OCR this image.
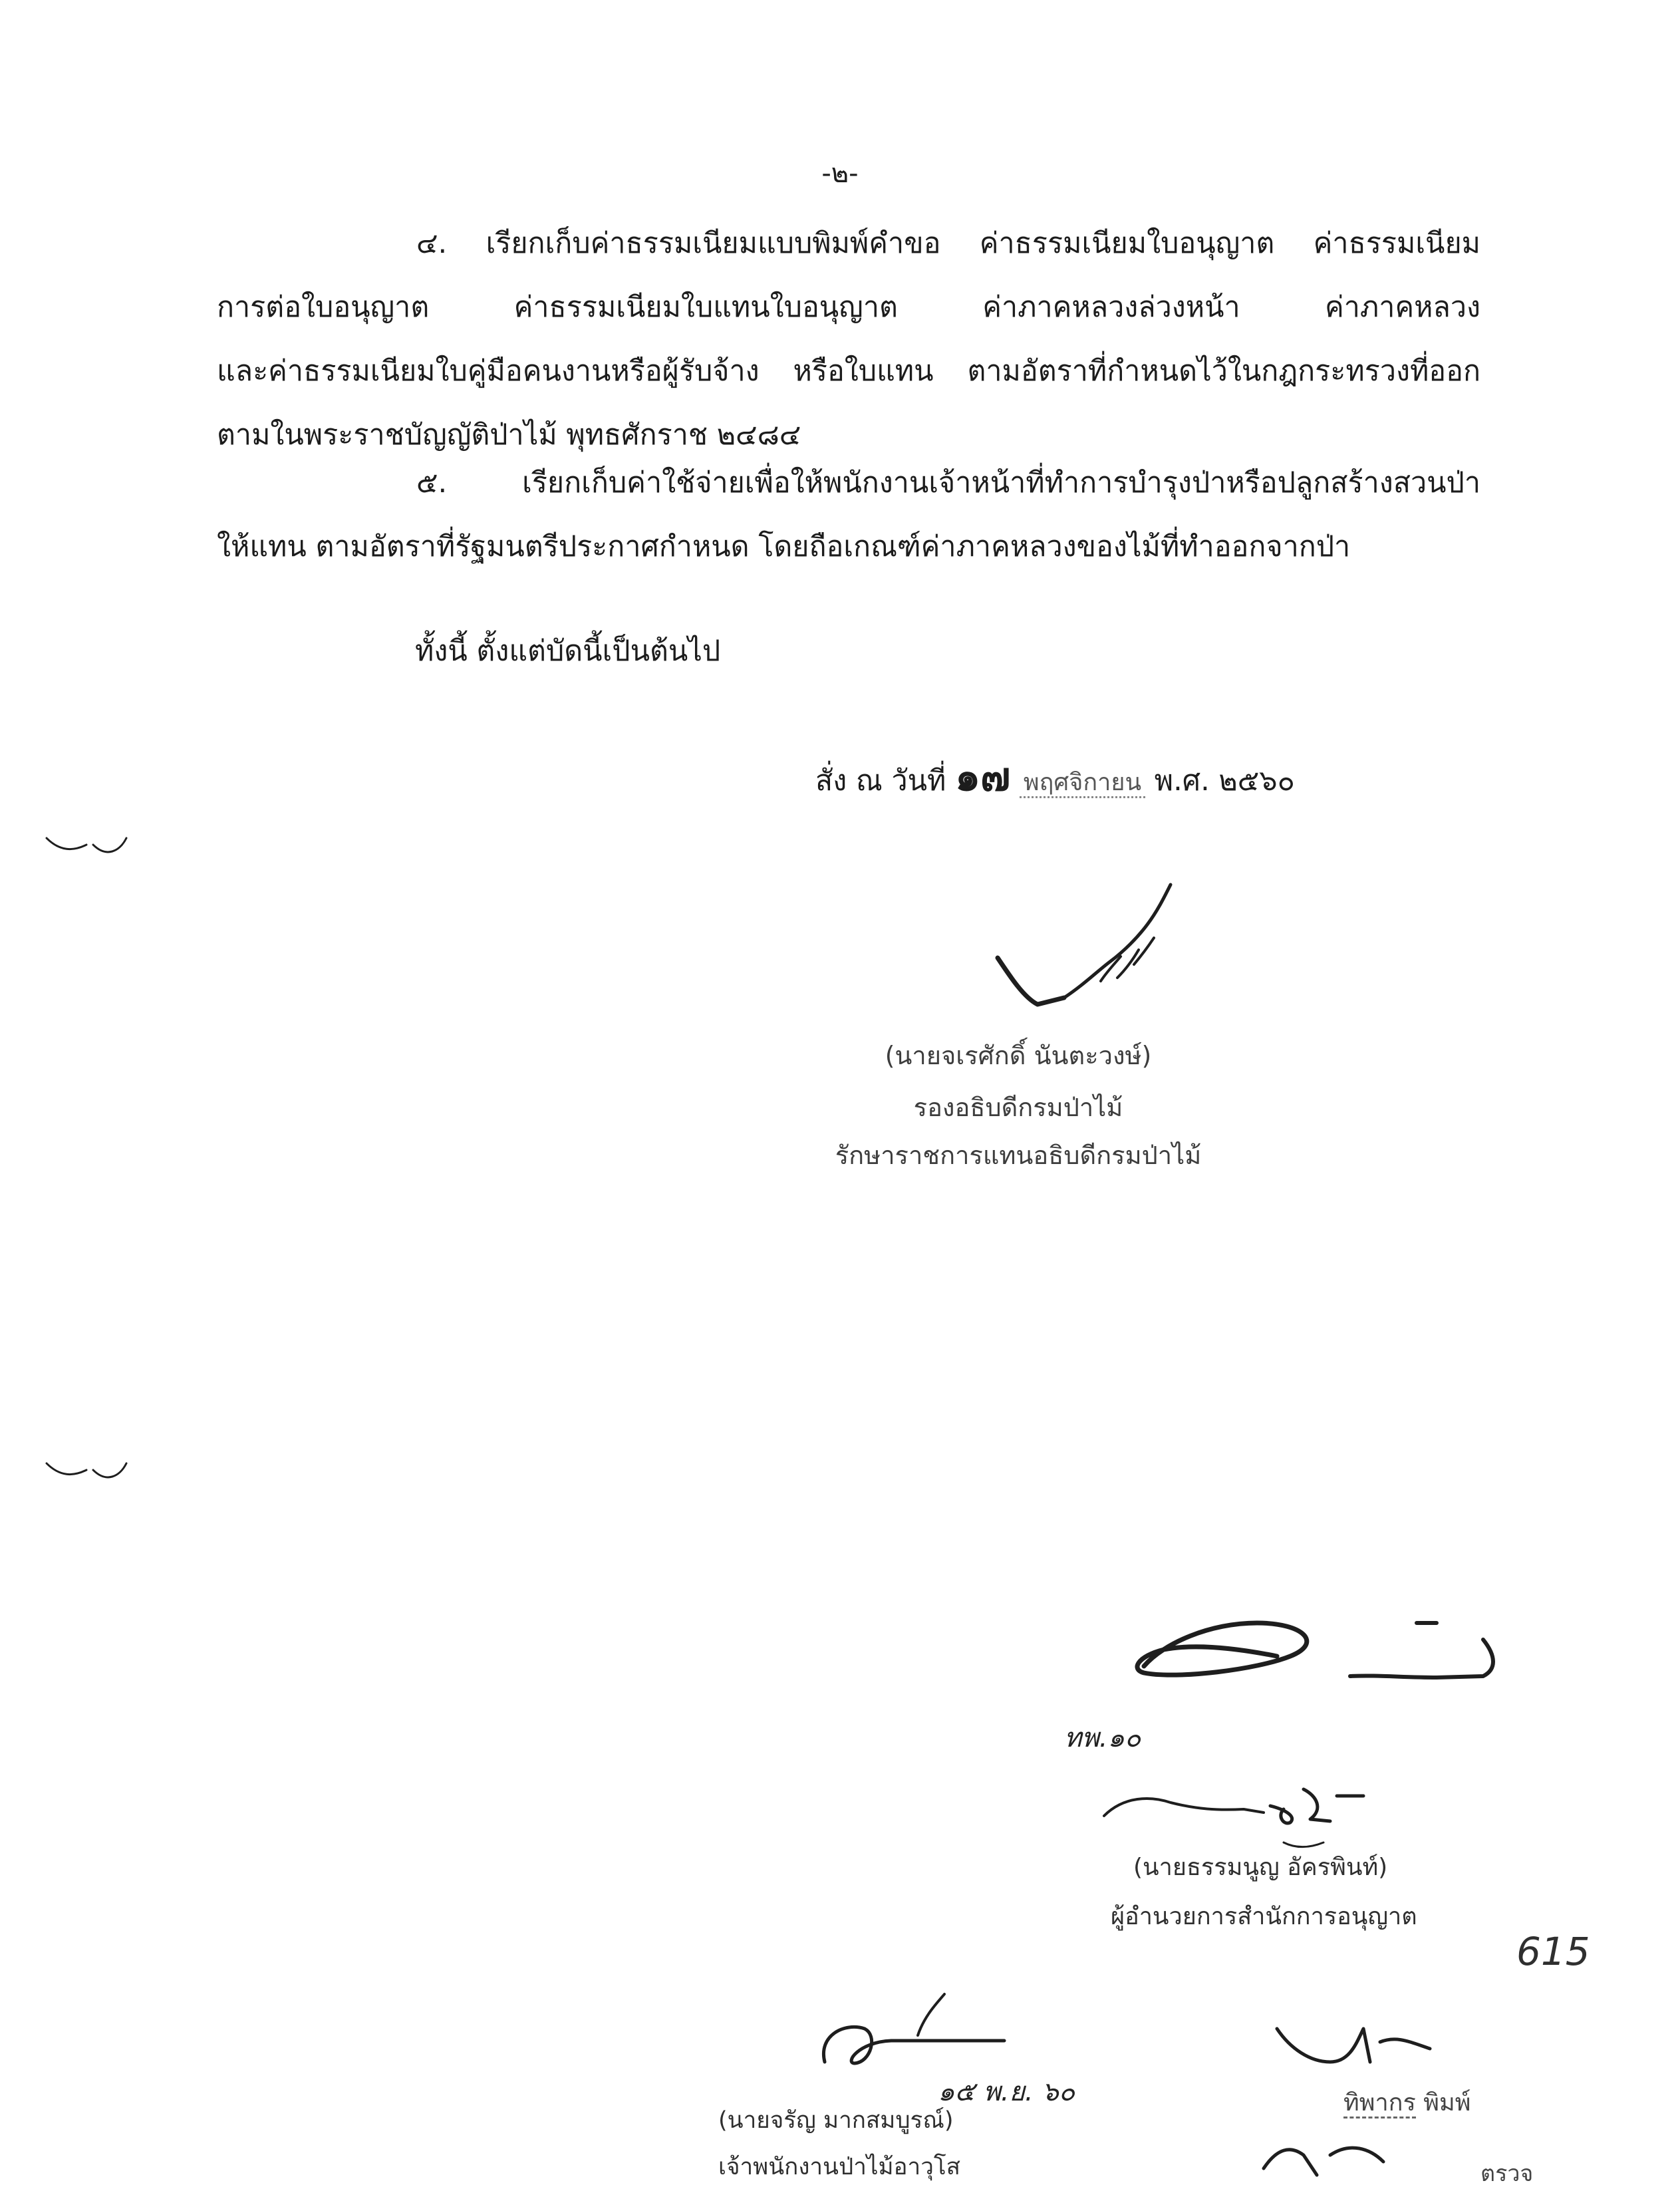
-๒-
๔. เรียกเก็บค่าธรรมเนียมแบบพิมพ์คำขอ ค่าธรรมเนียมใบอนุญาต ค่าธรรมเนียม
การต่อใบอนุญาต ค่าธรรมเนียมใบแทนใบอนุญาต ค่าภาคหลวงล่วงหน้า ค่าภาคหลวง
และค่าธรรมเนียมใบคู่มือคนงานหรือผู้รับจ้าง หรือใบแทน ตามอัตราที่กำหนดไว้ในกฎกระทรวงที่ออก
ตามในพระราชบัญญัติป่าไม้ พุทธศักราช ๒๔๘๔
๕. เรียกเก็บค่าใช้จ่ายเพื่อให้พนักงานเจ้าหน้าที่ทำการบำรุงป่าหรือปลูกสร้างสวนป่า
ให้แทน ตามอัตราที่รัฐมนตรีประกาศกำหนด โดยถือเกณฑ์ค่าภาคหลวงของไม้ที่ทำออกจากป่า
ทั้งนี้ ตั้งแต่บัดนี้เป็นต้นไป
สั่ง ณ วันที่ ๑๗ พฤศจิกายน พ.ศ. ๒๕๖๐
(นายจเรศักดิ์ นันตะวงษ์)
รองอธิบดีกรมป่าไม้
รักษาราชการแทนอธิบดีกรมป่าไม้
ทพ.๑๐
(นายธรรมนูญ อัครพินท์)
ผู้อำนวยการสำนักการอนุญาต
615
๑๕ พ.ย. ๖๐
(นายจรัญ มากสมบูรณ์)
เจ้าพนักงานป่าไม้อาวุโส
ทิพากร พิมพ์
ตรวจ
